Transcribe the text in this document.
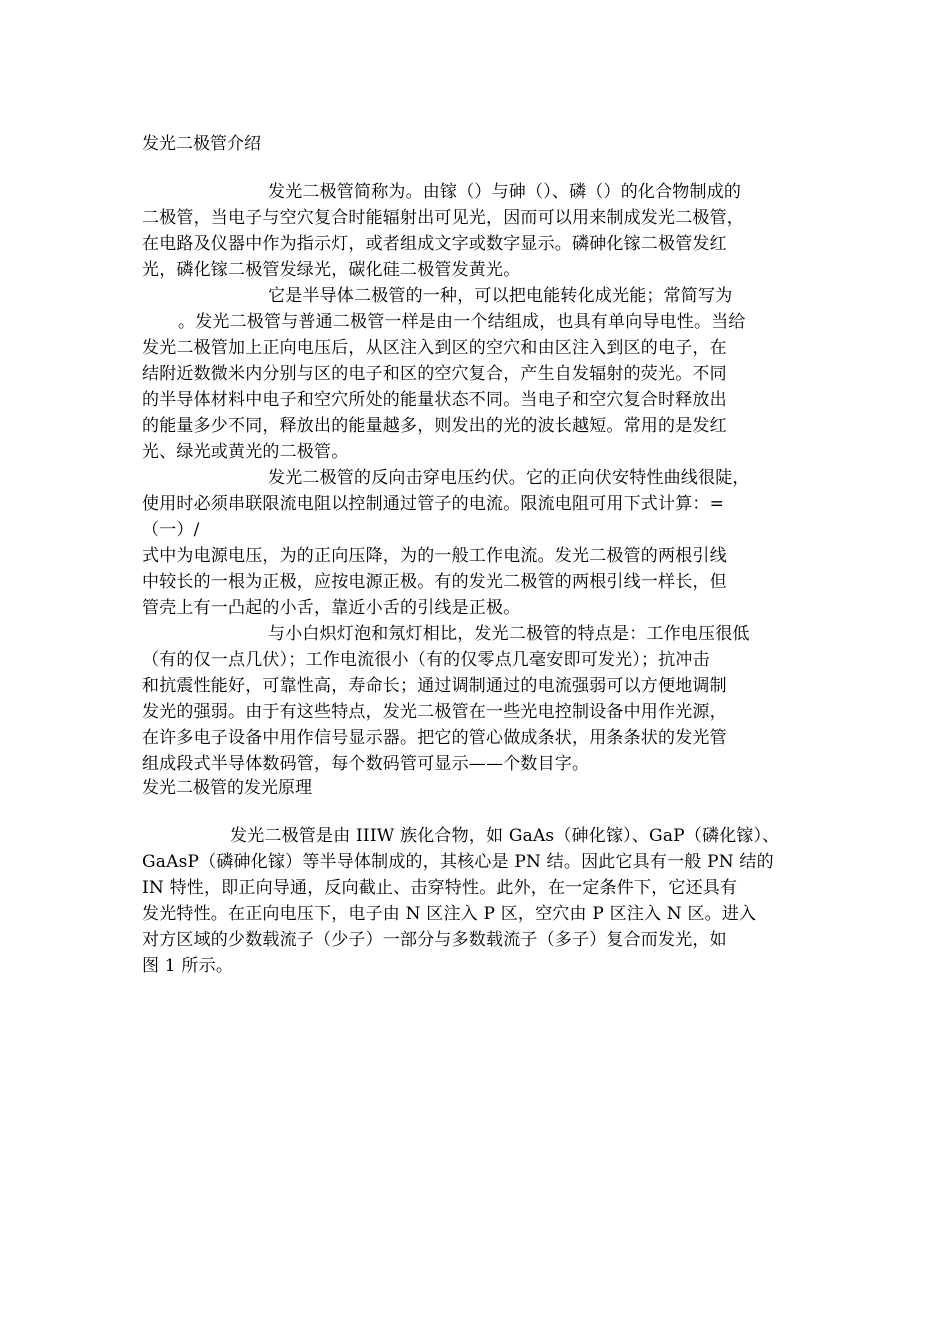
发光二极管介绍
发光二极管简称为。由镓（）与砷（）、磷（）的化合物制成的
二极管，当电子与空穴复合时能辐射出可见光，因而可以用来制成发光二极管，
在电路及仪器中作为指示灯，或者组成文字或数字显示。磷砷化镓二极管发红
光，磷化镓二极管发绿光，碳化硅二极管发黄光。
它是半导体二极管的一种，可以把电能转化成光能；常简写为
。发光二极管与普通二极管一样是由一个结组成，也具有单向导电性。当给
发光二极管加上正向电压后，从区注入到区的空穴和由区注入到区的电子，在
结附近数微米内分别与区的电子和区的空穴复合，产生自发辐射的荧光。不同
的半导体材料中电子和空穴所处的能量状态不同。当电子和空穴复合时释放出
的能量多少不同，释放出的能量越多，则发出的光的波长越短。常用的是发红
光、绿光或黄光的二极管。
发光二极管的反向击穿电压约伏。它的正向伏安特性曲线很陡，
使用时必须串联限流电阻以控制通过管子的电流。限流电阻可用下式计算：=
（一）/
式中为电源电压，为的正向压降，为的一般工作电流。发光二极管的两根引线
中较长的一根为正极，应按电源正极。有的发光二极管的两根引线一样长，但
管壳上有一凸起的小舌，靠近小舌的引线是正极。
与小白炽灯泡和氖灯相比，发光二极管的特点是：工作电压很低
（有的仅一点几伏）；工作电流很小（有的仅零点几毫安即可发光）；抗冲击
和抗震性能好，可靠性高，寿命长；通过调制通过的电流强弱可以方便地调制
发光的强弱。由于有这些特点，发光二极管在一些光电控制设备中用作光源，
在许多电子设备中用作信号显示器。把它的管心做成条状，用条条状的发光管
组成段式半导体数码管，每个数码管可显示——个数目字。
发光二极管的发光原理
发光二极管是由 IIIW 族化合物，如 GaAs（砷化镓）、GaP（磷化镓）、
GaAsP（磷砷化镓）等半导体制成的，其核心是 PN 结。因此它具有一般 PN 结的
IN 特性，即正向导通，反向截止、击穿特性。此外，在一定条件下，它还具有
发光特性。在正向电压下，电子由 N 区注入 P 区，空穴由 P 区注入 N 区。进入
对方区域的少数载流子（少子）一部分与多数载流子（多子）复合而发光，如
图 1 所示。
